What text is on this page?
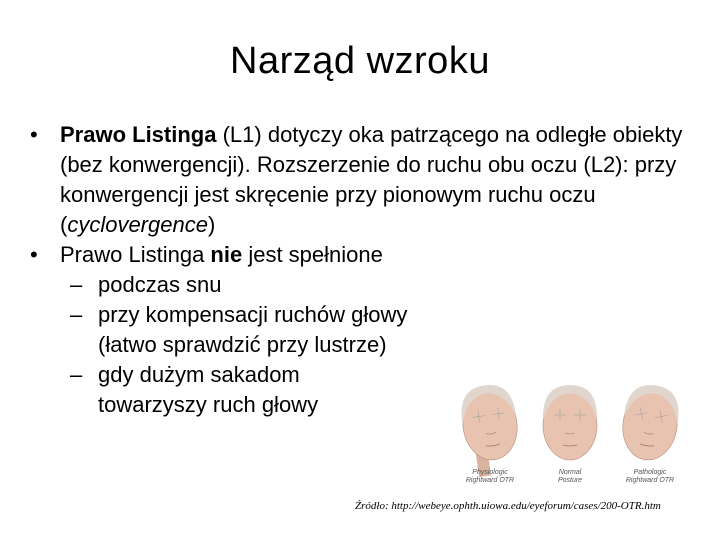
Narząd wzroku
• Prawo Listinga (L1) dotyczy oka patrzącego na odległe obiekty (bez konwergencji). Rozszerzenie do ruchu obu oczu (L2): przy konwergencji jest skręcenie przy pionowym ruchu oczu (cyclovergence)
• Prawo Listinga nie jest spełnione
– podczas snu
– przy kompensacji ruchów głowy (łatwo sprawdzić przy lustrze)
– gdy dużym sakadom towarzyszy ruch głowy
Physiologic
Rightward OTR
Normal
Posture
Pathologic
Rightward OTR
Źródło: http://webeye.ophth.uiowa.edu/eyeforum/cases/200-OTR.htm
